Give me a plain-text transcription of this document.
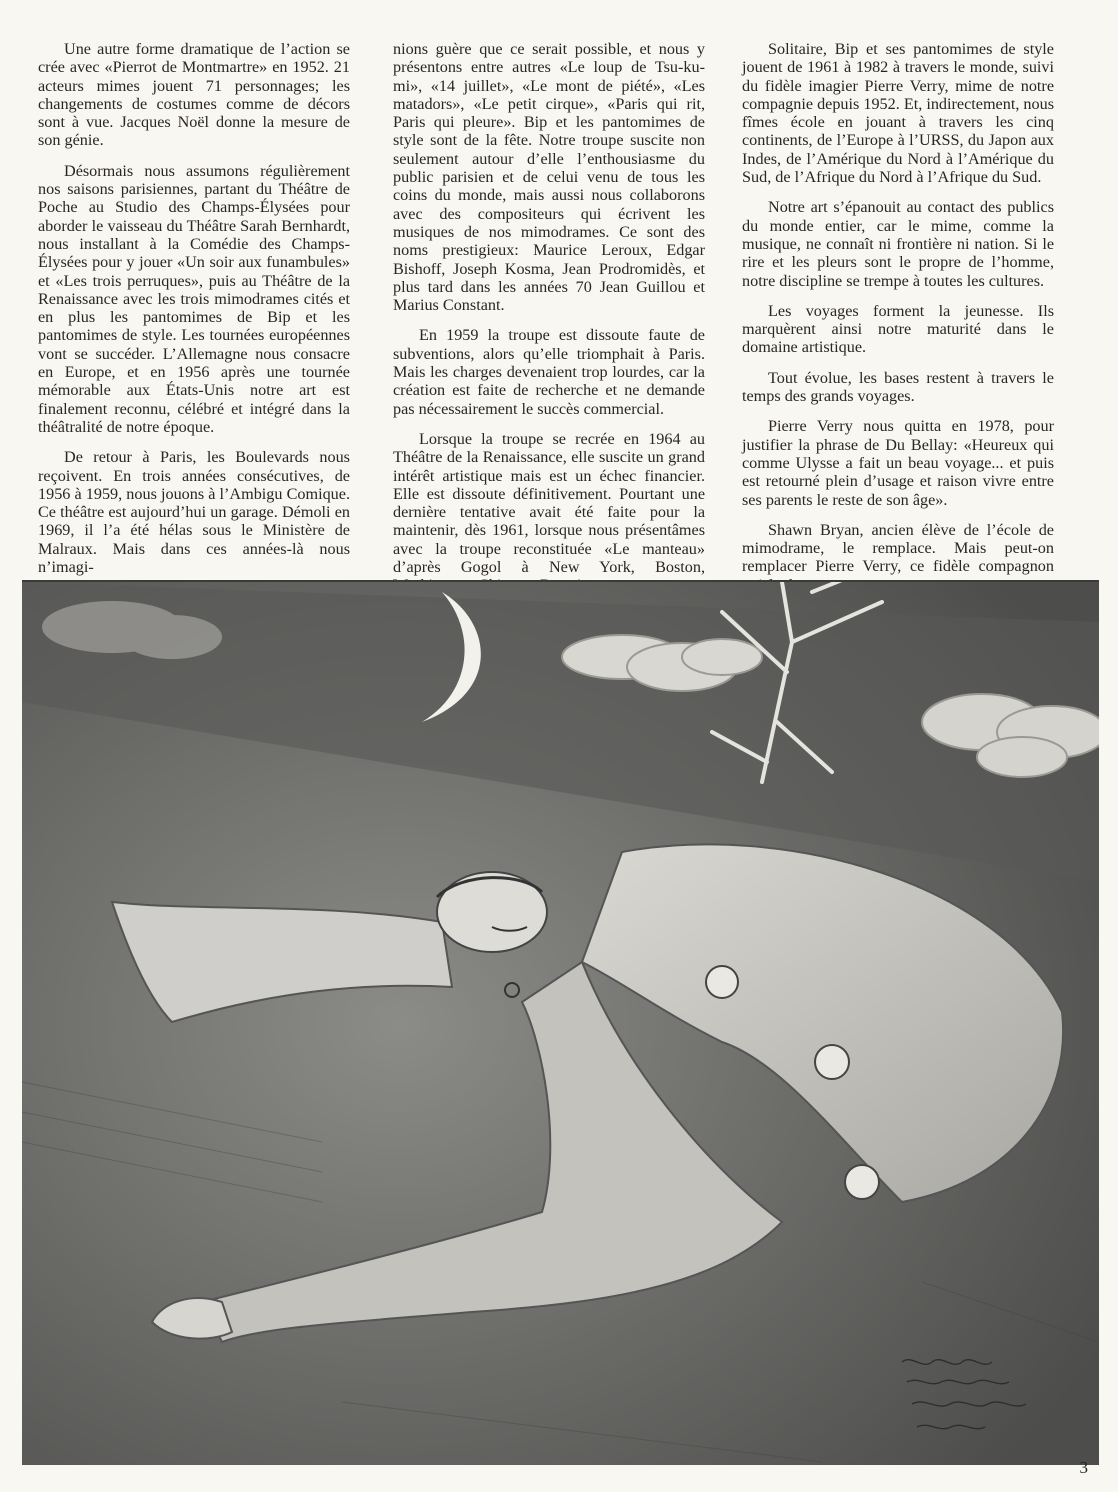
Une autre forme dramatique de l’action se crée avec «Pierrot de Montmartre» en 1952. 21 acteurs mimes jouent 71 personnages; les changements de costumes comme de décors sont à vue. Jacques Noël donne la mesure de son génie.

Désormais nous assumons régulièrement nos saisons parisiennes, partant du Théâtre de Poche au Studio des Champs-Élysées pour aborder le vaisseau du Théâtre Sarah Bernhardt, nous installant à la Comédie des Champs-Élysées pour y jouer «Un soir aux funambules» et «Les trois perruques», puis au Théâtre de la Renaissance avec les trois mimodrames cités et en plus les pantomimes de Bip et les pantomimes de style. Les tournées européennes vont se succéder. L’Allemagne nous consacre en Europe, et en 1956 après une tournée mémorable aux États-Unis notre art est finalement reconnu, célébré et intégré dans la théâtralité de notre époque.

De retour à Paris, les Boulevards nous reçoivent. En trois années consécutives, de 1956 à 1959, nous jouons à l’Ambigu Comique. Ce théâtre est aujourd’hui un garage. Démoli en 1969, il l’a été hélas sous le Ministère de Malraux. Mais dans ces années-là nous n’imagi-

nions guère que ce serait possible, et nous y présentons entre autres «Le loup de Tsu-ku-mi», «14 juillet», «Le mont de piété», «Les matadors», «Le petit cirque», «Paris qui rit, Paris qui pleure». Bip et les pantomimes de style sont de la fête. Notre troupe suscite non seulement autour d’elle l’enthousiasme du public parisien et de celui venu de tous les coins du monde, mais aussi nous collaborons avec des compositeurs qui écrivent les musiques de nos mimodrames. Ce sont des noms prestigieux: Maurice Leroux, Edgar Bishoff, Joseph Kosma, Jean Prodromidès, et plus tard dans les années 70 Jean Guillou et Marius Constant.

En 1959 la troupe est dissoute faute de subventions, alors qu’elle triomphait à Paris. Mais les charges devenaient trop lourdes, car la création est faite de recherche et ne demande pas nécessairement le succès commercial.

Lorsque la troupe se recrée en 1964 au Théâtre de la Renaissance, elle suscite un grand intérêt artistique mais est un échec financier. Elle est dissoute définitivement. Pourtant une dernière tentative avait été faite pour la maintenir, dès 1961, lorsque nous présentâmes avec la troupe reconstituée «Le manteau» d’après Gogol à New York, Boston,

Solitaire, Bip et ses pantomimes de style jouent de 1961 à 1982 à travers le monde, suivi du fidèle imagier Pierre Verry, mime de notre compagnie depuis 1952. Et, indirectement, nous fîmes école en jouant à travers les cinq continents, de l’Europe à l’URSS, du Japon aux Indes, de l’Amérique du Nord à l’Amérique du Sud, de l’Afrique du Nord à l’Afrique du Sud.

Notre art s’épanouit au contact des publics du monde entier, car le mime, comme la musique, ne connaît ni frontière ni nation. Si le rire et les pleurs sont le propre de l’homme, notre discipline se trempe à toutes les cultures.

Les voyages forment la jeunesse. Ils marquèrent ainsi notre maturité dans le domaine artistique.

Tout évolue, les bases restent à travers le temps des grands voyages.

Pierre Verry nous quitta en 1978, pour justifier la phrase de Du Bellay: «Heureux qui comme Ulysse a fait un beau voyage... et puis est retourné plein d’usage et raison vivre entre ses parents le reste de son âge».

Shawn Bryan, ancien élève de l’école de mimodrame, le remplace. Mais peut-on remplacer Pierre Verry, ce fidèle compagnon

3
